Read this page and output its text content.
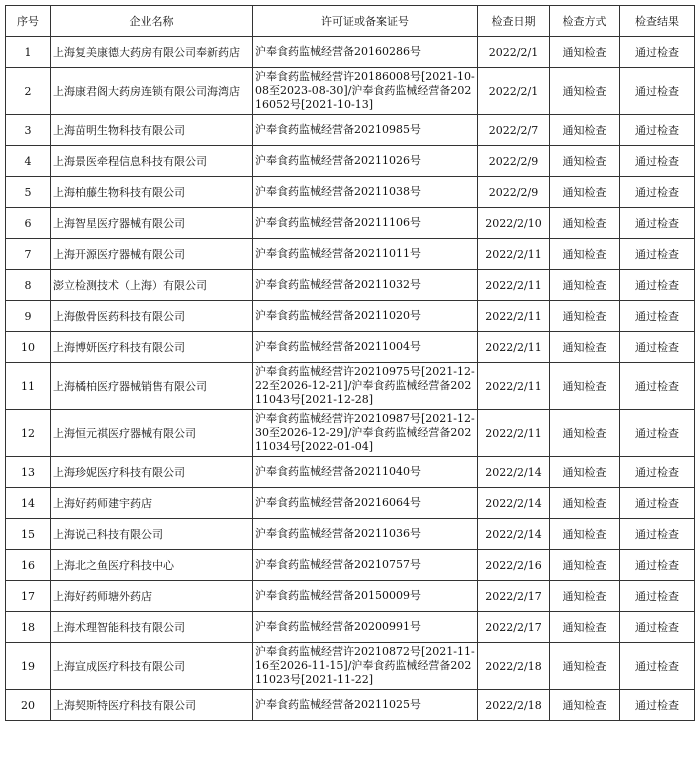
序号	企业名称	许可证或备案证号	检查日期	检查方式	检查结果
1	上海复美康德大药房有限公司奉新药店	沪奉食药监械经营备20160286号	2022/2/1	通知检查	通过检查
2	上海康君阁大药房连锁有限公司海湾店	沪奉食药监械经营许20186008号[2021-10-08至2023-08-30]/沪奉食药监械经营备20216052号[2021-10-13]	2022/2/1	通知检查	通过检查
3	上海苗明生物科技有限公司	沪奉食药监械经营备20210985号	2022/2/7	通知检查	通过检查
4	上海景医牵程信息科技有限公司	沪奉食药监械经营备20211026号	2022/2/9	通知检查	通过检查
5	上海柏藤生物科技有限公司	沪奉食药监械经营备20211038号	2022/2/9	通知检查	通过检查
6	上海智星医疗器械有限公司	沪奉食药监械经营备20211106号	2022/2/10	通知检查	通过检查
7	上海开源医疗器械有限公司	沪奉食药监械经营备20211011号	2022/2/11	通知检查	通过检查
8	澎立检测技术（上海）有限公司	沪奉食药监械经营备20211032号	2022/2/11	通知检查	通过检查
9	上海傲骨医药科技有限公司	沪奉食药监械经营备20211020号	2022/2/11	通知检查	通过检查
10	上海博妍医疗科技有限公司	沪奉食药监械经营备20211004号	2022/2/11	通知检查	通过检查
11	上海橘柏医疗器械销售有限公司	沪奉食药监械经营许20210975号[2021-12-22至2026-12-21]/沪奉食药监械经营备20211043号[2021-12-28]	2022/2/11	通知检查	通过检查
12	上海恒元祺医疗器械有限公司	沪奉食药监械经营许20210987号[2021-12-30至2026-12-29]/沪奉食药监械经营备20211034号[2022-01-04]	2022/2/11	通知检查	通过检查
13	上海珍妮医疗科技有限公司	沪奉食药监械经营备20211040号	2022/2/14	通知检查	通过检查
14	上海好药师建宇药店	沪奉食药监械经营备20216064号	2022/2/14	通知检查	通过检查
15	上海说己科技有限公司	沪奉食药监械经营备20211036号	2022/2/14	通知检查	通过检查
16	上海北之鱼医疗科技中心	沪奉食药监械经营备20210757号	2022/2/16	通知检查	通过检查
17	上海好药师塘外药店	沪奉食药监械经营备20150009号	2022/2/17	通知检查	通过检查
18	上海术理智能科技有限公司	沪奉食药监械经营备20200991号	2022/2/17	通知检查	通过检查
19	上海宣成医疗科技有限公司	沪奉食药监械经营许20210872号[2021-11-16至2026-11-15]/沪奉食药监械经营备20211023号[2021-11-22]	2022/2/18	通知检查	通过检查
20	上海契斯特医疗科技有限公司	沪奉食药监械经营备20211025号	2022/2/18	通知检查	通过检查
